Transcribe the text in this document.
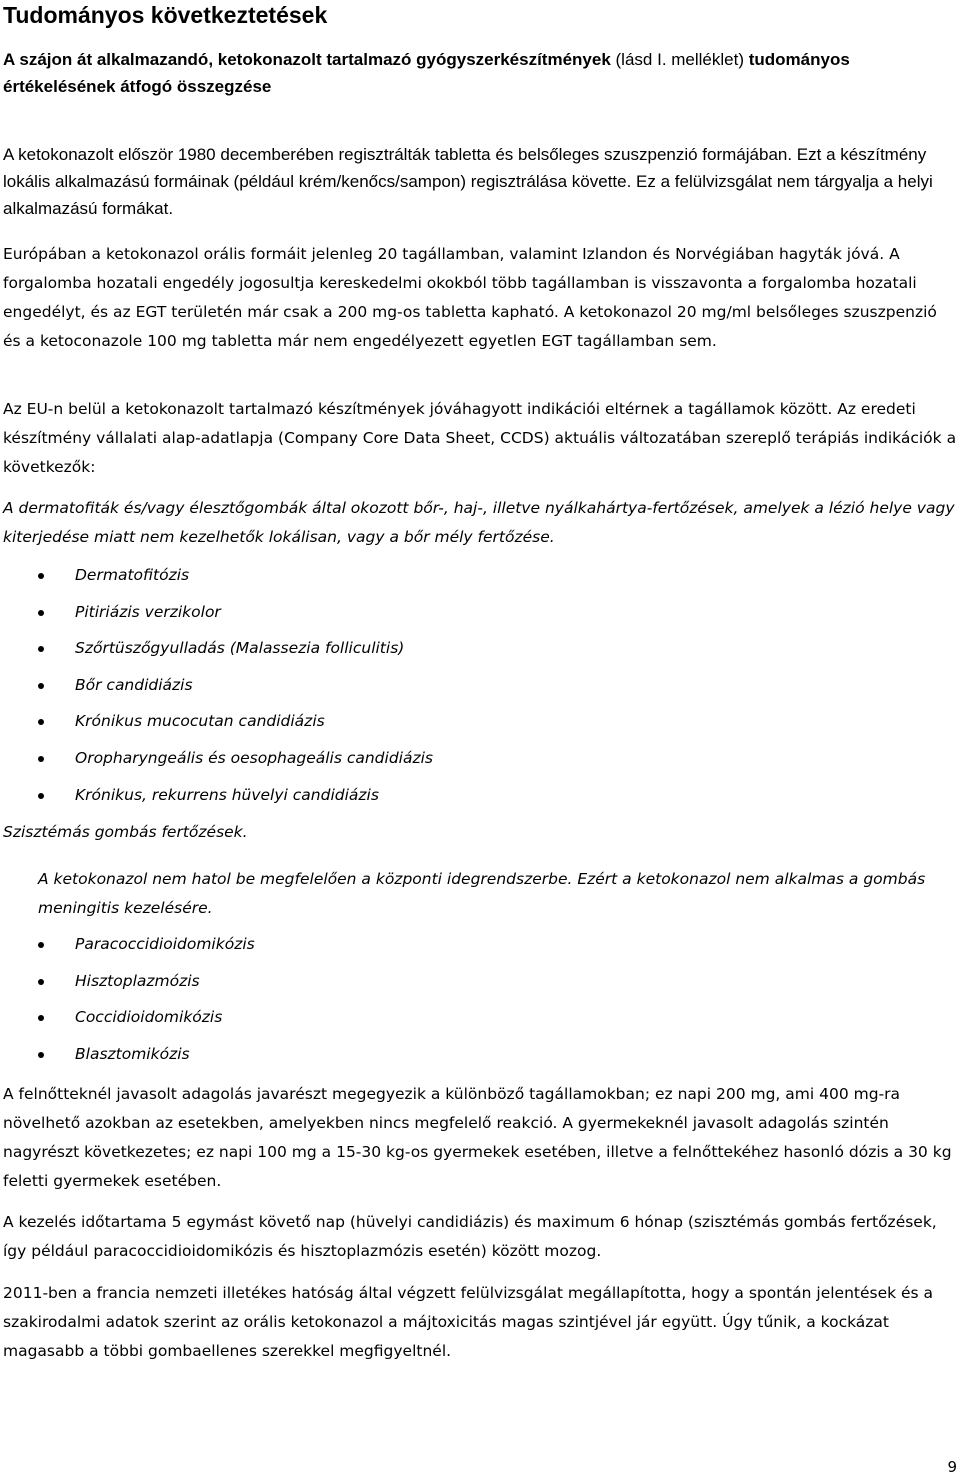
Tudományos következtetések
A szájon át alkalmazandó, ketokonazolt tartalmazó gyógyszerkészítmények (lásd I. melléklet) tudományos értékelésének átfogó összegzése
A ketokonazolt először 1980 decemberében regisztrálták tabletta és belsőleges szuszpenzió formájában. Ezt a készítmény lokális alkalmazású formáinak (például krém/kenőcs/sampon) regisztrálása követte. Ez a felülvizsgálat nem tárgyalja a helyi alkalmazású formákat.
Európában a ketokonazol orális formáit jelenleg 20 tagállamban, valamint Izlandon és Norvégiában hagyták jóvá. A forgalomba hozatali engedély jogosultja kereskedelmi okokból több tagállamban is visszavonta a forgalomba hozatali engedélyt, és az EGT területén már csak a 200 mg-os tabletta kapható. A ketokonazol 20 mg/ml belsőleges szuszpenzió és a ketoconazole 100 mg tabletta már nem engedélyezett egyetlen EGT tagállamban sem.
Az EU-n belül a ketokonazolt tartalmazó készítmények jóváhagyott indikációi eltérnek a tagállamok között. Az eredeti készítmény vállalati alap-adatlapja (Company Core Data Sheet, CCDS) aktuális változatában szereplő terápiás indikációk a következők:
A dermatofiták és/vagy élesztőgombák által okozott bőr-, haj-, illetve nyálkahártya-fertőzések, amelyek a lézió helye vagy kiterjedése miatt nem kezelhetők lokálisan, vagy a bőr mély fertőzése.
Dermatofitózis
Pitiriázis verzikolor
Szőrtüszőgyulladás (Malassezia folliculitis)
Bőr candidiázis
Krónikus mucocutan candidiázis
Oropharyngeális és oesophageális candidiázis
Krónikus, rekurrens hüvelyi candidiázis
Szisztémás gombás fertőzések.
A ketokonazol nem hatol be megfelelően a központi idegrendszerbe. Ezért a ketokonazol nem alkalmas a gombás meningitis kezelésére.
Paracoccidioidomikózis
Hisztoplazmózis
Coccidioidomikózis
Blasztomikózis
A felnőtteknél javasolt adagolás javarészt megegyezik a különböző tagállamokban; ez napi 200 mg, ami 400 mg-ra növelhető azokban az esetekben, amelyekben nincs megfelelő reakció. A gyermekeknél javasolt adagolás szintén nagyrészt következetes; ez napi 100 mg a 15-30 kg-os gyermekek esetében, illetve a felnőttekéhez hasonló dózis a 30 kg feletti gyermekek esetében.
A kezelés időtartama 5 egymást követő nap (hüvelyi candidiázis) és maximum 6 hónap (szisztémás gombás fertőzések, így például paracoccidioidomikózis és hisztoplazmózis esetén) között mozog.
2011-ben a francia nemzeti illetékes hatóság által végzett felülvizsgálat megállapította, hogy a spontán jelentések és a szakirodalmi adatok szerint az orális ketokonazol a májtoxicitás magas szintjével jár együtt. Úgy tűnik, a kockázat magasabb a többi gombaellenes szerekkel megfigyeltnél.
9
